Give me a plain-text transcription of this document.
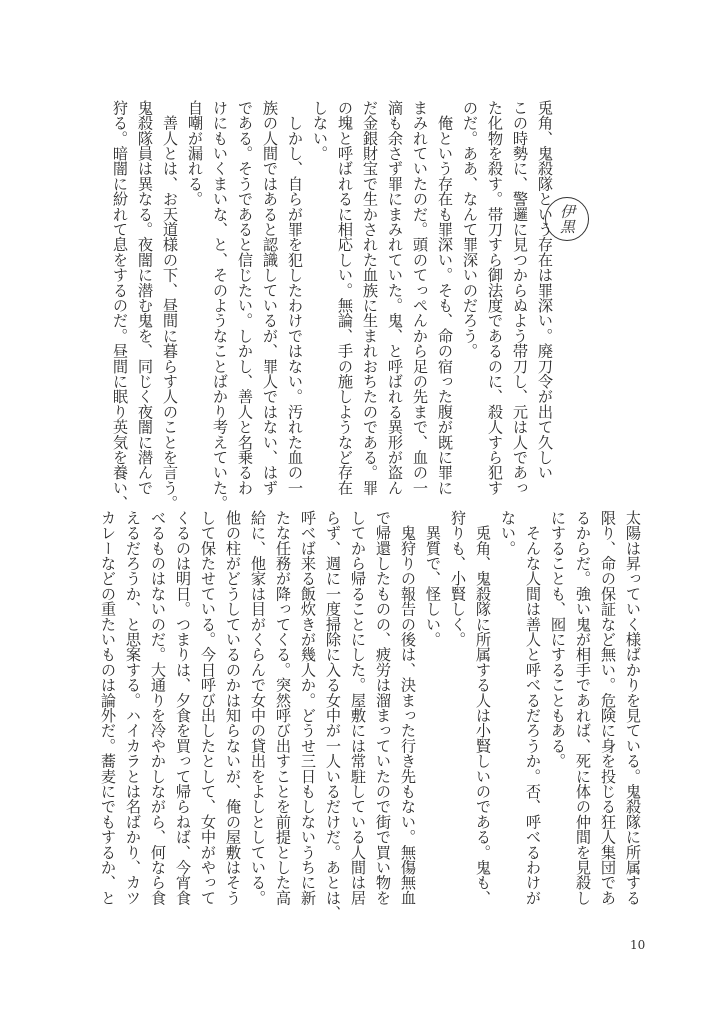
伊黒
兎角、鬼殺隊という存在は罪深い。廃刀令が出て久しい
この時勢に、警邏に見つからぬよう帯刀し、元は人であっ
た化物を殺す。帯刀すら御法度であるのに、殺人すら犯す
のだ。ああ、なんて罪深いのだろう。
　俺という存在も罪深い。そも、命の宿った腹が既に罪に
まみれていたのだ。頭のてっぺんから足の先まで、血の一
滴も余さず罪にまみれていた。鬼、と呼ばれる異形が盗ん
だ金銀財宝で生かされた血族に生まれおちたのである。罪
の塊と呼ばれるに相応しい。無論、手の施しようなど存在
しない。
　しかし、自らが罪を犯したわけではない。汚れた血の一
族の人間ではあると認識しているが、罪人ではない、はず
である。そうであると信じたい。しかし、善人と名乗るわ
けにもいくまいな、と、そのようなことばかり考えていた。
自嘲が漏れる。
　善人とは、お天道様の下、昼間に暮らす人のことを言う。
鬼殺隊員は異なる。夜闇に潜む鬼を、同じく夜闇に潜んで
狩る。暗闇に紛れて息をするのだ。昼間に眠り英気を養い、
太陽は昇っていく様ばかりを見ている。鬼殺隊に所属する
限り、命の保証など無い。危険に身を投じる狂人集団であ
るからだ。強い鬼が相手であれば、死に体の仲間を見殺し
にすることも、囮にすることもある。
　そんな人間は善人と呼べるだろうか。否、呼べるわけが
ない。
　兎角、鬼殺隊に所属する人は小賢しいのである。鬼も、
狩りも、小賢しく。
　異質で、怪しい。
　鬼狩りの報告の後は、決まった行き先もない。無傷無血
で帰還したものの、疲労は溜まっていたので街で買い物を
してから帰ることにした。屋敷には常駐している人間は居
らず、週に一度掃除に入る女中が一人いるだけだ。あとは、
呼べば来る飯炊きが幾人か。どうせ三日もしないうちに新
たな任務が降ってくる。突然呼び出すことを前提とした高
給に、他家は目がくらんで女中の貸出をよしとしている。
他の柱がどうしているのかは知らないが、俺の屋敷はそう
して保たせている。今日呼び出したとして、女中がやって
くるのは明日。つまりは、夕食を買って帰らねば、今宵食
べるものはないのだ。大通りを冷やかしながら、何なら食
えるだろうか、と思案する。ハイカラとは名ばかり、カツ
カレーなどの重たいものは論外だ。蕎麦にでもするか、と
10
